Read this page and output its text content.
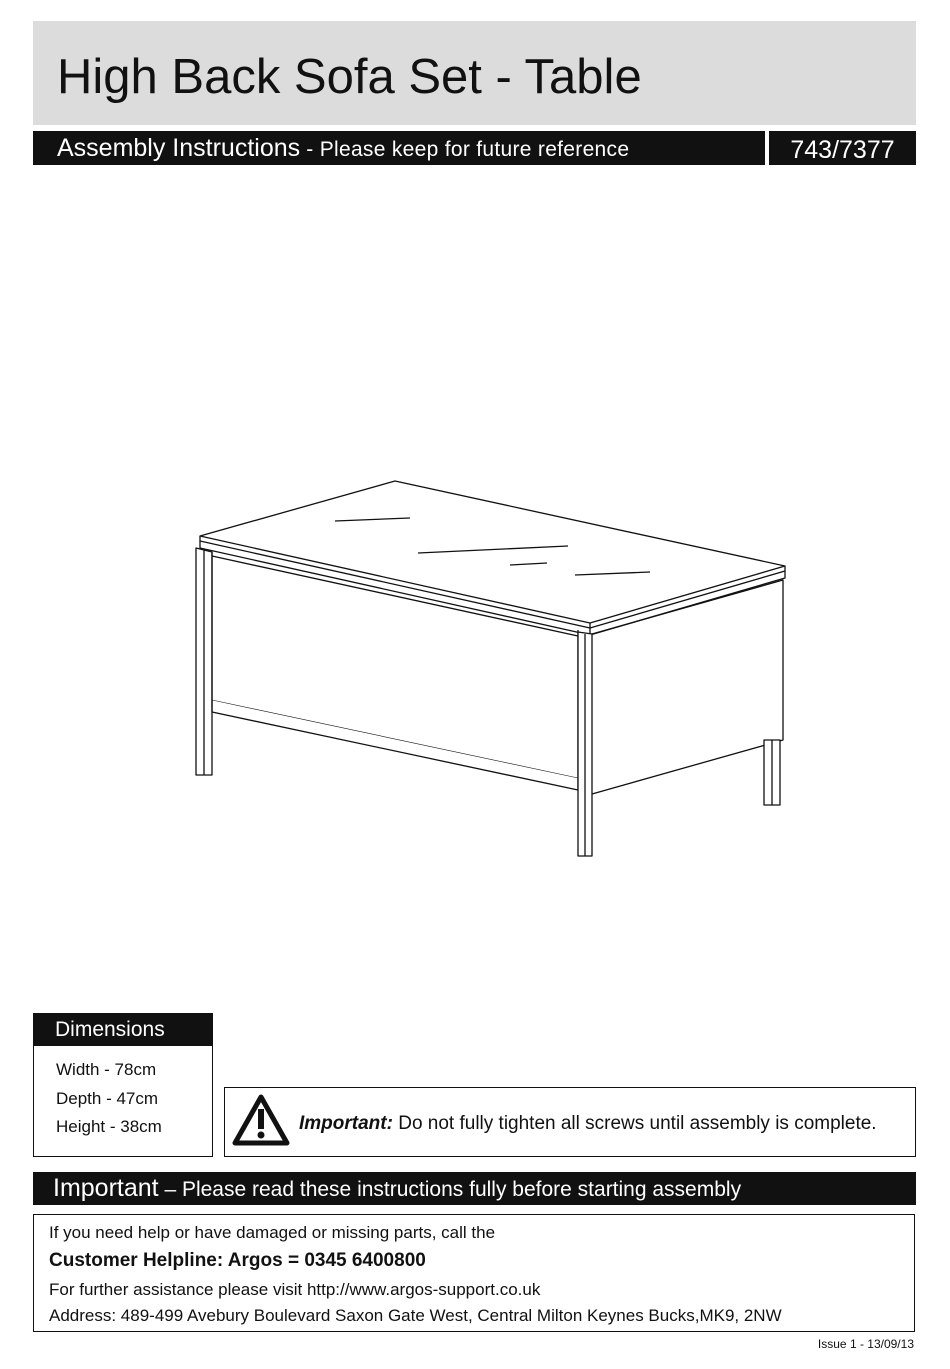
High Back Sofa Set - Table
Assembly Instructions - Please keep for future reference	743/7377
Dimensions
Width - 78cm
Depth - 47cm
Height - 38cm	Important: Do not fully tighten all screws until assembly is complete.
Important – Please read these instructions fully before starting assembly
If you need help or have damaged or missing parts, call the
Customer Helpline: Argos = 0345 6400800
For further assistance please visit http://www.argos-support.co.uk
Address: 489-499 Avebury Boulevard Saxon Gate West, Central Milton Keynes Bucks,MK9, 2NW
Issue 1 - 13/09/13
